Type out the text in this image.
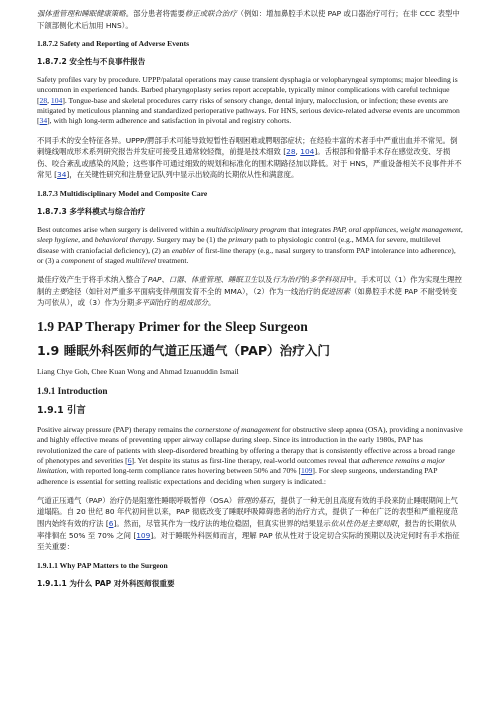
强体重管理和睡眠健康策略。部分患者将需要修正或联合治疗（例如：增加鼻腔手术以使 PAP 或口器治疗可行；在非 CCC 表型中下颌部侧化术后加用 HNS）。

1.8.7.2 Safety and Reporting of Adverse Events

1.8.7.2 安全性与不良事件报告

Safety profiles vary by procedure. UPPP/palatal operations may cause transient dysphagia or velopharyngeal symptoms; major bleeding is uncommon in experienced hands. Barbed pharyngoplasty series report acceptable, typically minor complications with careful technique [28, 104]. Tongue-base and skeletal procedures carry risks of sensory change, dental injury, malocclusion, or infection; these events are mitigated by meticulous planning and standardized perioperative pathways. For HNS, serious device-related adverse events are uncommon [34], with high long-term adherence and satisfaction in pivotal and registry cohorts.

不同手术的安全特征各异。UPPP/腭部手术可能导致短暂性吞咽困难或腭咽部症状；在经验丰富的术者手中严重出血并不常见。倒刺缝线咽成形术系列研究报告并发症可接受且通常较轻微，前提是技术细致 [28, 104]。舌根部和骨骼手术存在感觉改变、牙损伤、咬合紊乱或感染的风险；这些事件可通过细致的规划和标准化的围术期路径加以降低。对于 HNS，严重设备相关不良事件并不常见 [34]，在关键性研究和注册登记队列中显示出较高的长期依从性和满意度。

1.8.7.3 Multidisciplinary Model and Composite Care

1.8.7.3 多学科模式与综合治疗

Best outcomes arise when surgery is delivered within a multidisciplinary program that integrates PAP, oral appliances, weight management, sleep hygiene, and behavioral therapy. Surgery may be (1) the primary path to physiologic control (e.g., MMA for severe, multilevel disease with craniofacial deficiency), (2) an enabler of first-line therapy (e.g., nasal surgery to transform PAP intolerance into adherence), or (3) a component of staged multilevel treatment.

最佳疗效产生于将手术纳入整合了PAP、口器、体重管理、睡眠卫生以及行为治疗的多学科项目中。手术可以（1）作为实现生理控制的主要途径（如针对严重多平面病变伴颅面发育不全的 MMA），（2）作为一线治疗的促进因素（如鼻腔手术使 PAP 不耐受转变为可依从），或（3）作为分期多平面治疗的组成部分。

1.9 PAP Therapy Primer for the Sleep Surgeon

1.9 睡眠外科医师的气道正压通气（PAP）治疗入门

Liang Chye Goh, Chee Kuan Wong and Ahmad Izuanuddin Ismail

1.9.1 Introduction

1.9.1 引言

Positive airway pressure (PAP) therapy remains the cornerstone of management for obstructive sleep apnea (OSA), providing a noninvasive and highly effective means of preventing upper airway collapse during sleep. Since its introduction in the early 1980s, PAP has revolutionized the care of patients with sleep-disordered breathing by offering a therapy that is consistently effective across a broad range of phenotypes and severities [6]. Yet despite its status as first-line therapy, real-world outcomes reveal that adherence remains a major limitation, with reported long-term compliance rates hovering between 50% and 70% [109]. For sleep surgeons, understanding PAP adherence is essential for setting realistic expectations and deciding when surgery is indicated.:

气道正压通气（PAP）治疗仍是阻塞性睡眠呼吸暂停（OSA）管理的基石，提供了一种无创且高度有效的手段来防止睡眠期间上气道塌陷。自 20 世纪 80 年代初问世以来，PAP 彻底改变了睡眠呼吸障碍患者的治疗方式，提供了一种在广泛的表型和严重程度范围内始终有效的疗法 [6]。然而，尽管其作为一线疗法的地位稳固，但真实世界的结果显示依从性仍是主要局限，报告的长期依从率徘徊在 50% 至 70% 之间 [109]。对于睡眠外科医师而言，理解 PAP 依从性对于设定切合实际的预期以及决定何时有手术指征至关重要：

1.9.1.1 Why PAP Matters to the Surgeon

1.9.1.1 为什么 PAP 对外科医师很重要
